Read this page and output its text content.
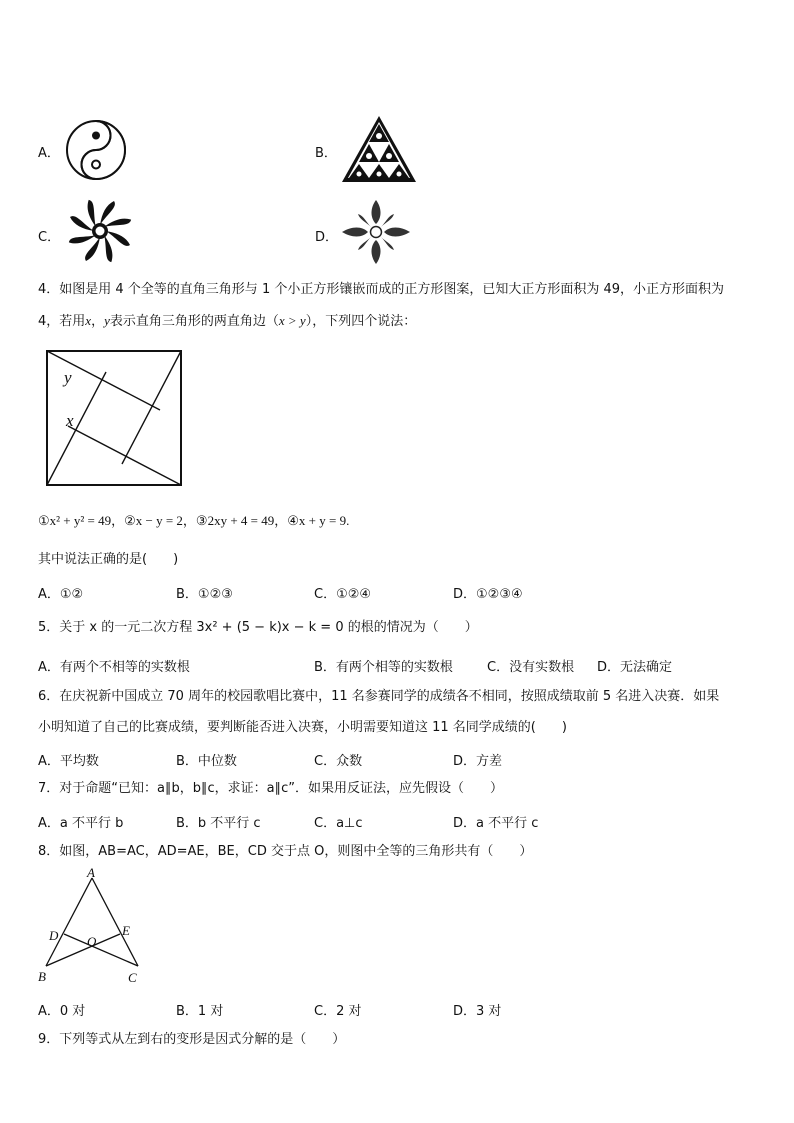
A．	B．
C．	D．
4．如图是用 4 个全等的直角三角形与 1 个小正方形镶嵌而成的正方形图案，已知大正方形面积为 49，小正方形面积为
4，若用x，y表示直角三角形的两直角边（x > y），下列四个说法：
y
x
①x² + y² = 49，②x − y = 2，③2xy + 4 = 49，④x + y = 9.
其中说法正确的是(　　)
A．①②	B．①②③	C．①②④	D．①②③④
5．关于 x 的一元二次方程 3x² + (5 − k)x − k = 0 的根的情况为（　　）
A．有两个不相等的实数根	B．有两个相等的实数根	C．没有实数根 D．无法确定
6．在庆祝新中国成立 70 周年的校园歌唱比赛中，11 名参赛同学的成绩各不相同，按照成绩取前 5 名进入决赛．如果
小明知道了自己的比赛成绩，要判断能否进入决赛，小明需要知道这 11 名同学成绩的(　　)
A．平均数	B．中位数	C．众数	D．方差
7．对于命题“已知：a∥b，b∥c，求证：a∥c”．如果用反证法，应先假设（　　）
A．a 不平行 b	B．b 不平行 c	C．a⊥c	D．a 不平行 c
8．如图，AB=AC，AD=AE，BE，CD 交于点 O，则图中全等的三角形共有（　　）
A
B	C
D	E
O
A．0 对	B．1 对	C．2 对	D．3 对
9．下列等式从左到右的变形是因式分解的是（　　）
